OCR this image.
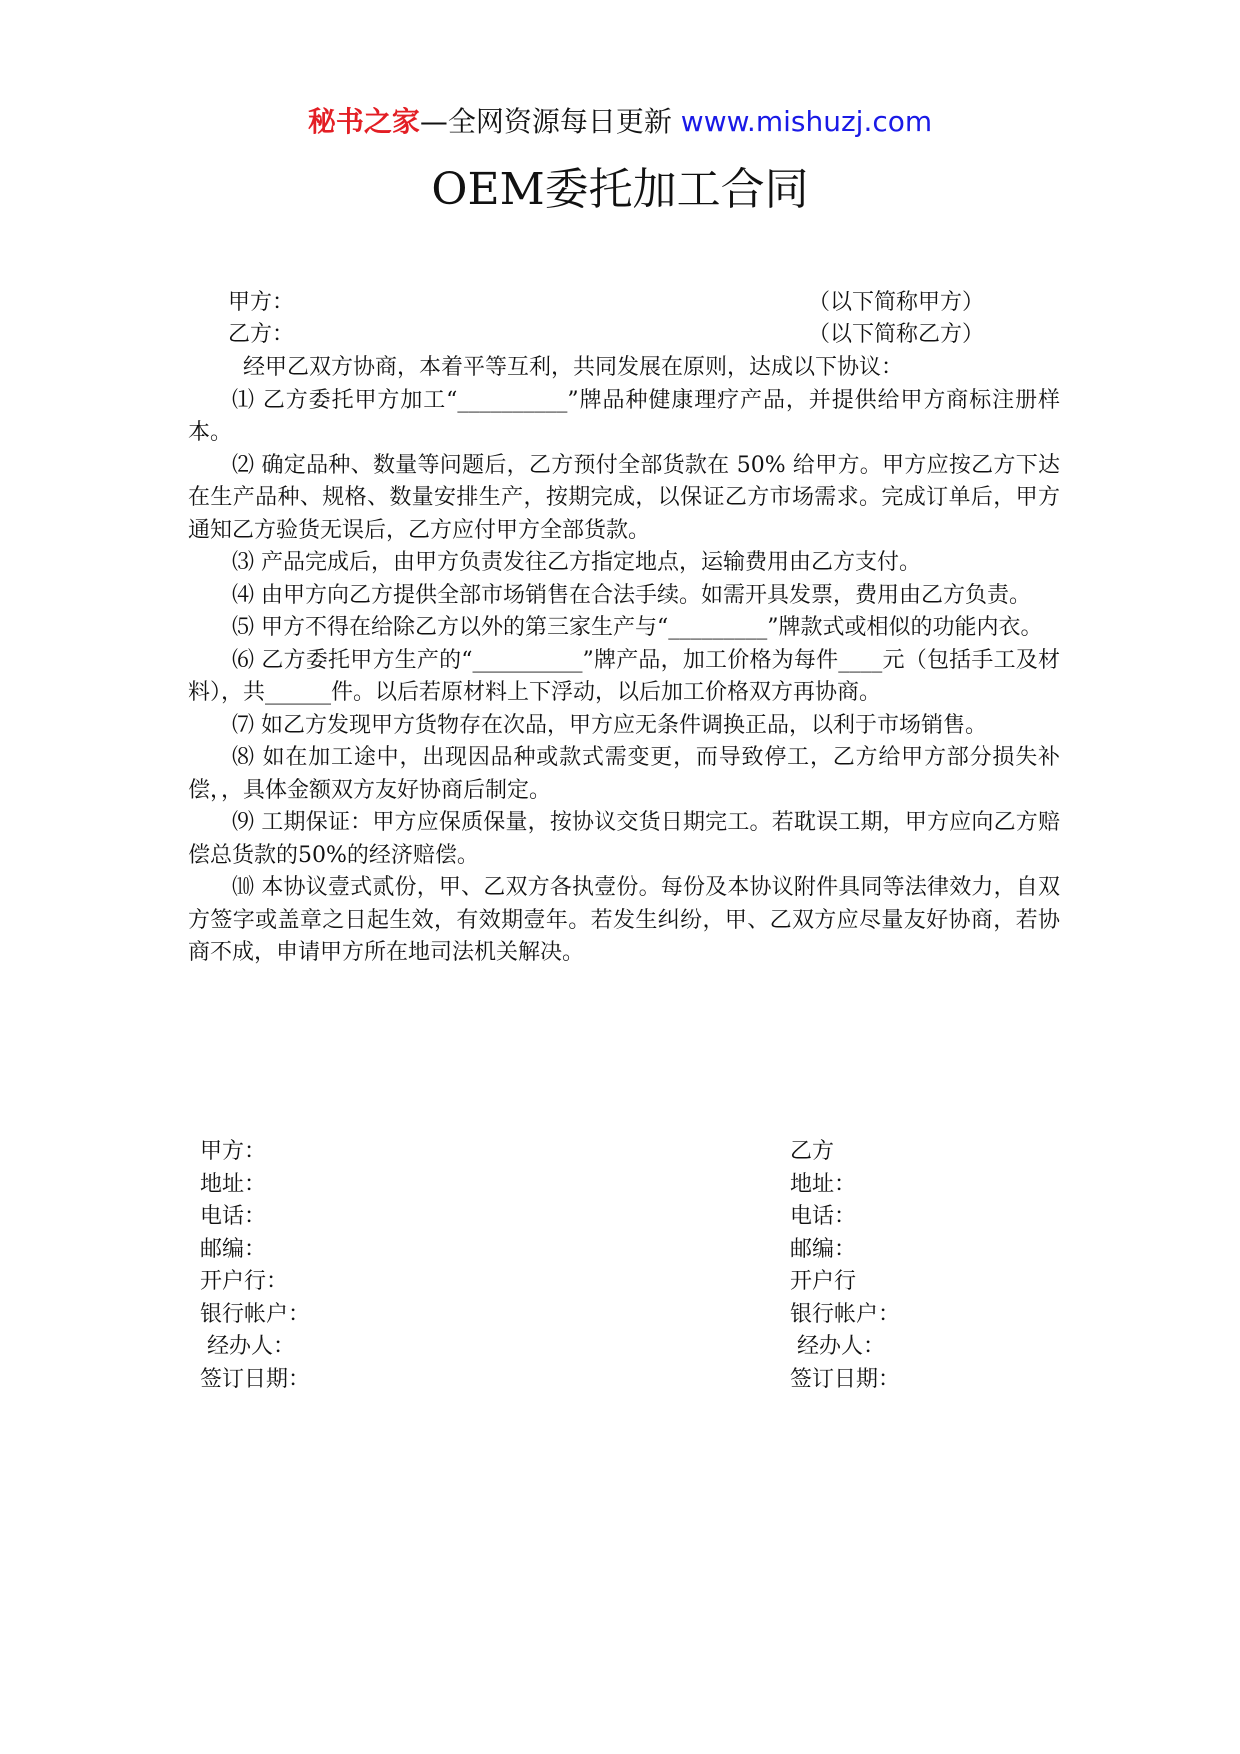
秘书之家—全网资源每日更新 www.mishuzj.com
OEM委托加工合同
甲方：	（以下简称甲方）
乙方：	（以下简称乙方）

经甲乙双方协商，本着平等互利，共同发展在原则，达成以下协议：

⑴ 乙方委托甲方加工“__________”牌品种健康理疗产品，并提供给甲方商标注册样本。

⑵ 确定品种、数量等问题后，乙方预付全部货款在 50% 给甲方。甲方应按乙方下达在生产品种、规格、数量安排生产，按期完成，以保证乙方市场需求。完成订单后，甲方通知乙方验货无误后，乙方应付甲方全部货款。

⑶ 产品完成后，由甲方负责发往乙方指定地点，运输费用由乙方支付。

⑷ 由甲方向乙方提供全部市场销售在合法手续。如需开具发票，费用由乙方负责。

⑸ 甲方不得在给除乙方以外的第三家生产与“_________”牌款式或相似的功能内衣。

⑹ 乙方委托甲方生产的“__________”牌产品，加工价格为每件____元（包括手工及材料），共______件。以后若原材料上下浮动，以后加工价格双方再协商。

⑺ 如乙方发现甲方货物存在次品，甲方应无条件调换正品，以利于市场销售。

⑻ 如在加工途中，出现因品种或款式需变更，而导致停工，乙方给甲方部分损失补偿，，具体金额双方友好协商后制定。

⑼ 工期保证：甲方应保质保量，按协议交货日期完工。若耽误工期，甲方应向乙方赔偿总货款的50%的经济赔偿。

⑽ 本协议壹式贰份，甲、乙双方各执壹份。每份及本协议附件具同等法律效力，自双方签字或盖章之日起生效，有效期壹年。若发生纠纷，甲、乙双方应尽量友好协商，若协商不成，申请甲方所在地司法机关解决。

甲方：
地址：
电话：
邮编：
开户行：
银行帐户：
经办人：
签订日期：
乙方
地址：
电话：
邮编：
开户行
银行帐户：
经办人：
签订日期：
